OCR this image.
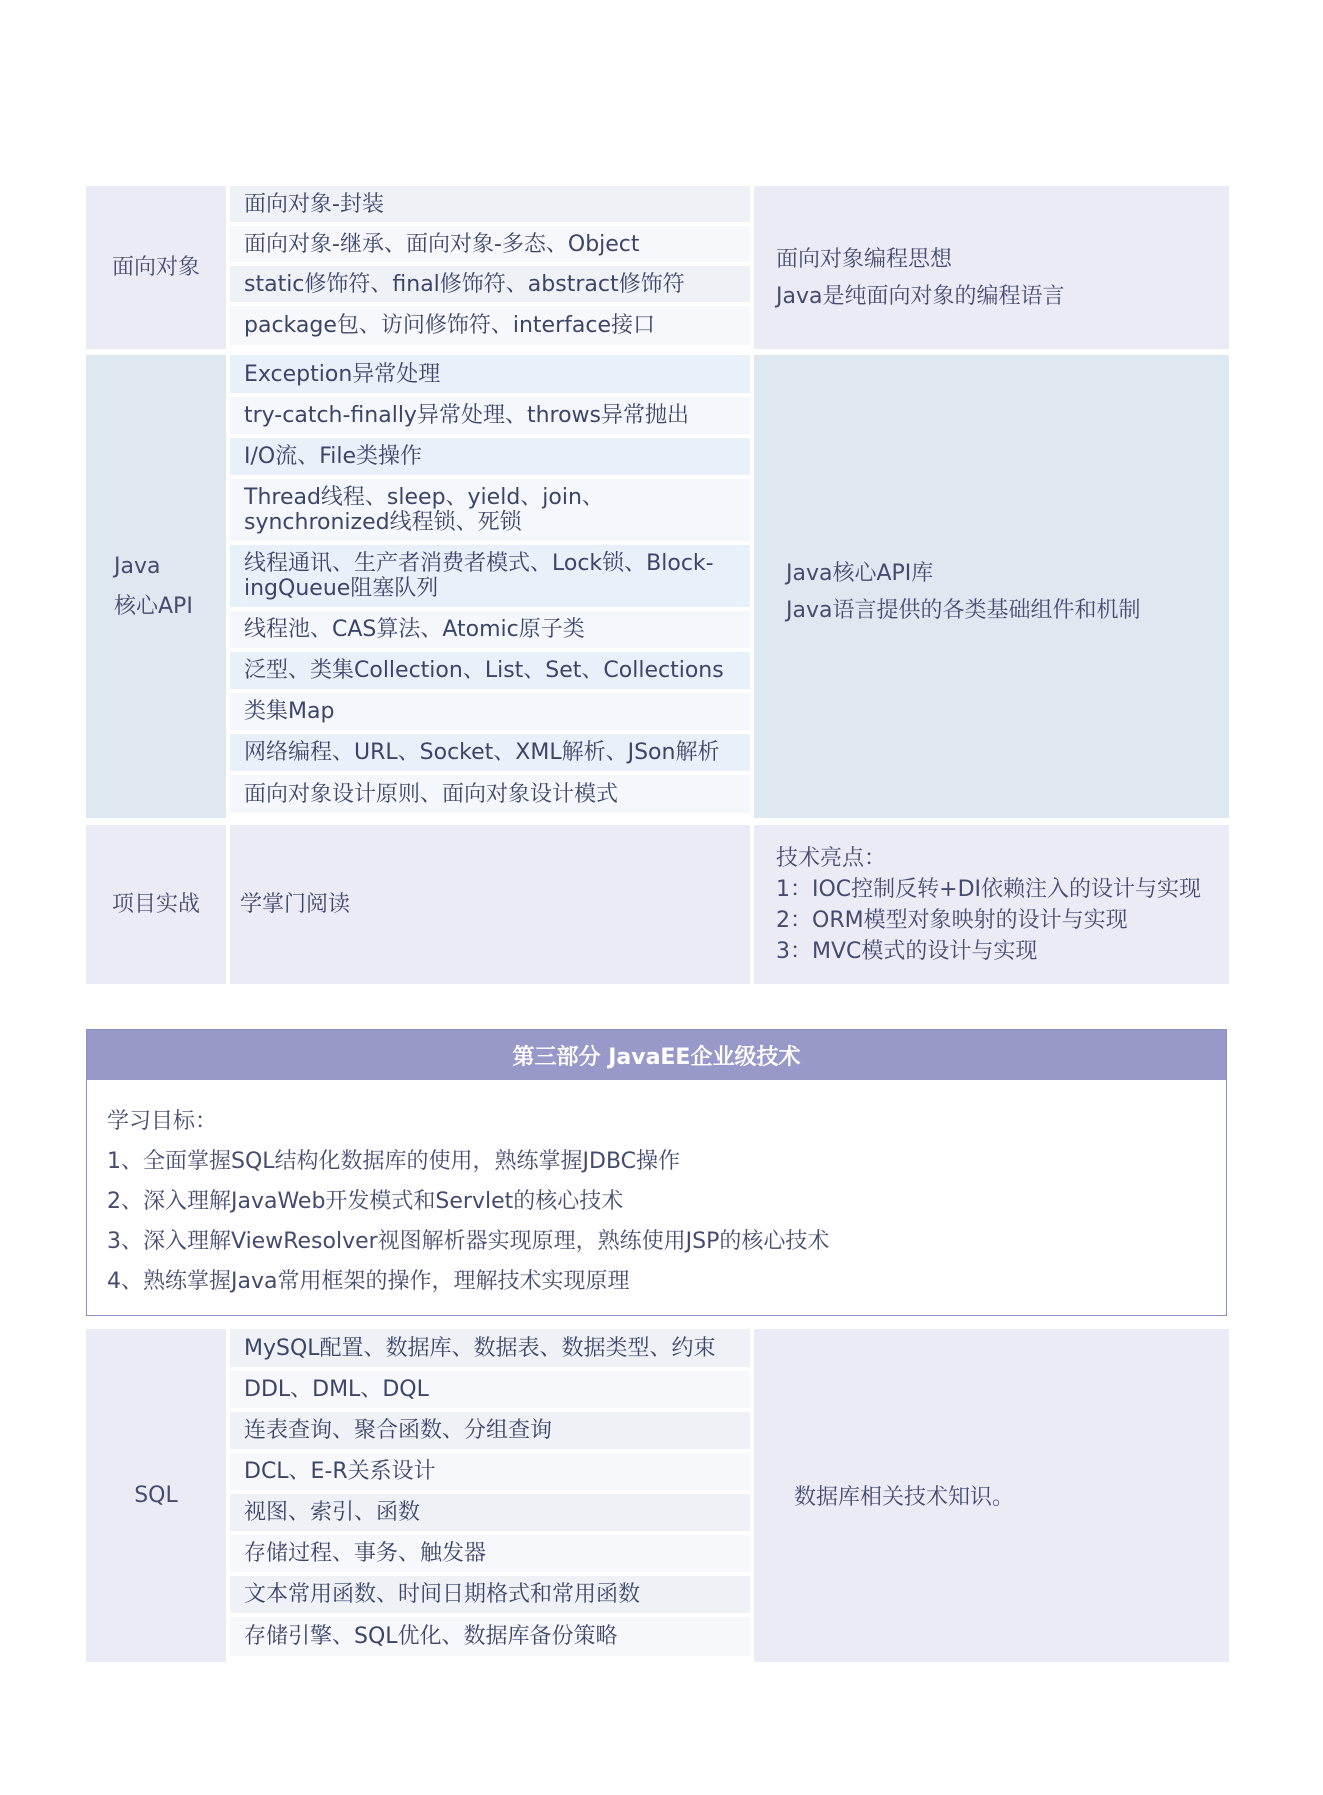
面向对象
面向对象-封装
面向对象-继承、面向对象-多态、Object
static修饰符、final修饰符、abstract修饰符
package包、访问修饰符、interface接口
面向对象编程思想
Java是纯面向对象的编程语言
Java
核心API
Exception异常处理
try-catch-finally异常处理、throws异常抛出
I/O流、File类操作
Thread线程、sleep、yield、join、synchronized线程锁、死锁
线程通讯、生产者消费者模式、Lock锁、Block-ingQueue阻塞队列
线程池、CAS算法、Atomic原子类
泛型、类集Collection、List、Set、Collections
类集Map
网络编程、URL、Socket、XML解析、JSon解析
面向对象设计原则、面向对象设计模式
Java核心API库
Java语言提供的各类基础组件和机制
项目实战	学掌门阅读
技术亮点：
1：IOC控制反转+DI依赖注入的设计与实现
2：ORM模型对象映射的设计与实现
3：MVC模式的设计与实现
第三部分 JavaEE企业级技术
学习目标：
1、全面掌握SQL结构化数据库的使用，熟练掌握JDBC操作
2、深入理解JavaWeb开发模式和Servlet的核心技术
3、深入理解ViewResolver视图解析器实现原理，熟练使用JSP的核心技术
4、熟练掌握Java常用框架的操作，理解技术实现原理
SQL
MySQL配置、数据库、数据表、数据类型、约束
DDL、DML、DQL
连表查询、聚合函数、分组查询
DCL、E-R关系设计
视图、索引、函数
存储过程、事务、触发器
文本常用函数、时间日期格式和常用函数
存储引擎、SQL优化、数据库备份策略
数据库相关技术知识。
